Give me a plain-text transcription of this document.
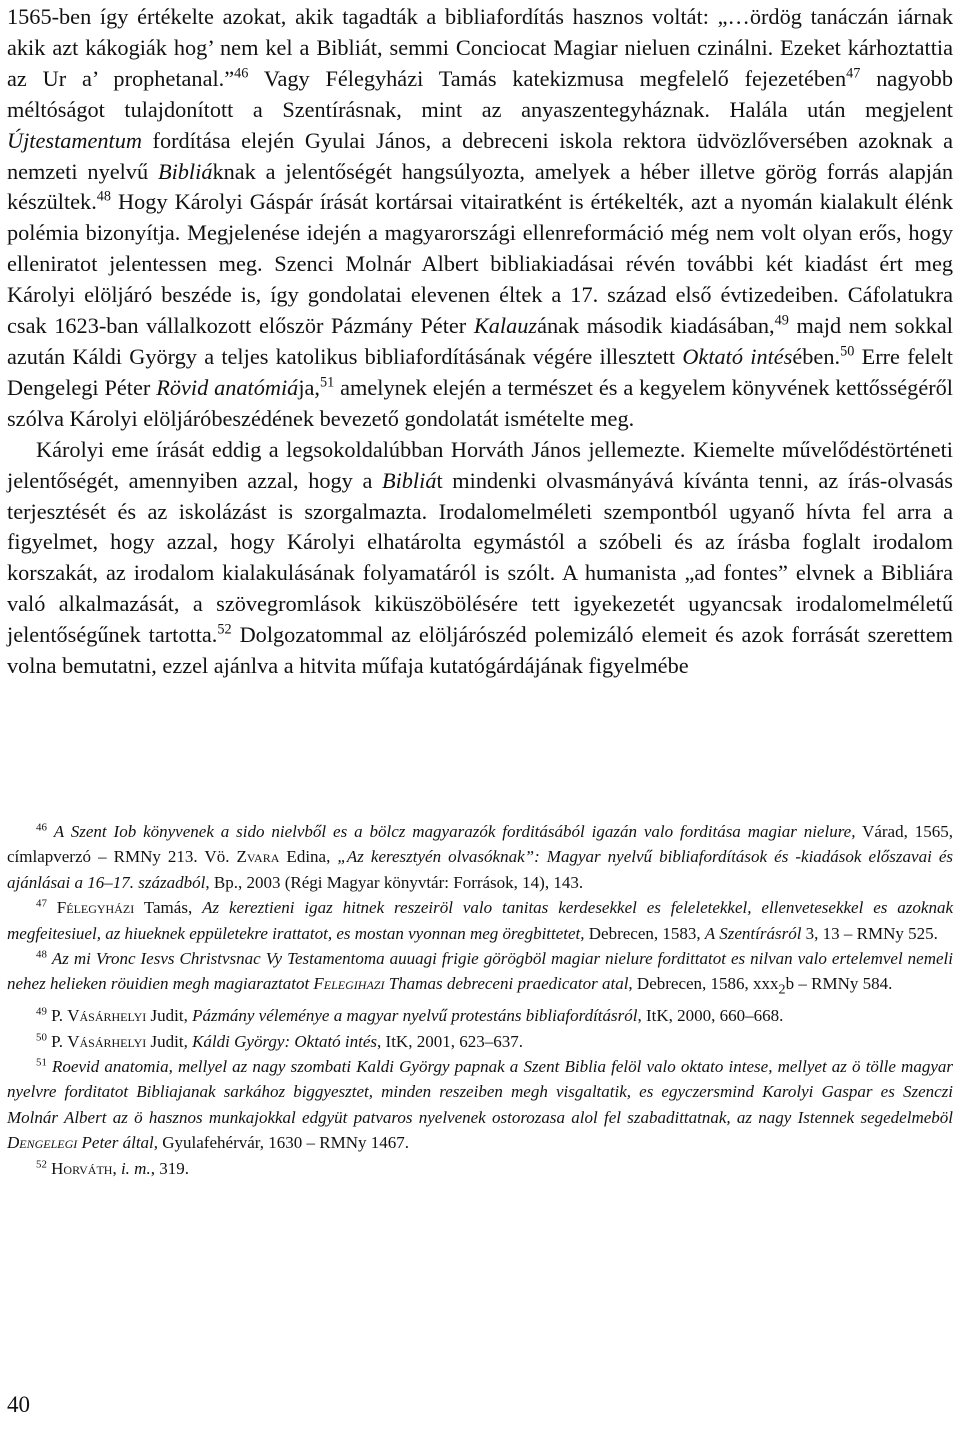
1565-ben így értékelte azokat, akik tagadták a bibliafordítás hasznos voltát: „…ördög tanáczán iárnak akik azt kákogiák hog’ nem kel a Bibliát, semmi Conciocat Magiar nieluen czinálni. Ezeket kárhoztattia az Ur a’ prophetanal.”$^{46}$ Vagy Félegyházi Tamás katekizmusa megfelelő fejezetében$^{47}$ nagyobb méltóságot tulajdonított a Szentírásnak, mint az anyaszentegyháznak. Halála után megjelent Újtestamentum fordítása elején Gyulai János, a debreceni iskola rektora üdvözlőversében azoknak a nemzeti nyelvű Bibliáknak a jelentőségét hangsúlyozta, amelyek a héber illetve görög forrás alapján készültek.$^{48}$ Hogy Károlyi Gáspár írását kortársai vitairatként is értékelték, azt a nyomán kialakult élénk polémia bizonyítja. Megjelenése idején a magyarországi ellenreformáció még nem volt olyan erős, hogy elleniratot jelentessen meg. Szenci Molnár Albert bibliakiadásai révén további két kiadást ért meg Károlyi elöljáró beszéde is, így gondolatai elevenen éltek a 17. század első évtizedeiben. Cáfolatukra csak 1623-ban vállalkozott először Pázmány Péter Kalauzának második kiadásában,$^{49}$ majd nem sokkal azután Káldi György a teljes katolikus bibliafordításának végére illesztett Oktató intésében.$^{50}$ Erre felelt Dengelegi Péter Rövid anatómiája,$^{51}$ amelynek elején a természet és a kegyelem könyvének kettősségéről szólva Károlyi elöljáróbeszédének bevezető gondolatát ismételte meg.

Károlyi eme írását eddig a legsokoldalúbban Horváth János jellemezte. Kiemelte művelődéstörténeti jelentőségét, amennyiben azzal, hogy a Bibliát mindenki olvasmányává kívánta tenni, az írás-olvasás terjesztését és az iskolázást is szorgalmazta. Irodalomelméleti szempontból ugyanő hívta fel arra a figyelmet, hogy azzal, hogy Károlyi elhatárolta egymástól a szóbeli és az írásba foglalt irodalom korszakát, az irodalom kialakulásának folyamatáról is szólt. A humanista „ad fontes” elvnek a Bibliára való alkalmazását, a szövegromlások kiküszöbölésére tett igyekezetét ugyancsak irodalomelméletű jelentőségűnek tartotta.$^{52}$ Dolgozatommal az elöljárószéd polemizáló elemeit és azok forrását szerettem volna bemutatni, ezzel ajánlva a hitvita műfaja kutatógárdájának figyelmébe

$^{46}$ A Szent Iob könyvenek a sido nielvből es a bölcz magyarazók forditásából igazán valo forditása magiar nielure, Várad, 1565, címlapverzó – RMNy 213. Vö. Zvara Edina, „Az keresztyén olvasóknak”: Magyar nyelvű bibliafordítások és -kiadások előszavai és ajánlásai a 16–17. századból, Bp., 2003 (Régi Magyar könyvtár: Források, 14), 143.

$^{47}$ Félegyházi Tamás, Az kereztieni igaz hitnek reszeiröl valo tanitas kerdesekkel es feleletekkel, ellenvetesekkel es azoknak megfeitesiuel, az hiueknek eppületekre irattatot, es mostan vyonnan meg öregbittetet, Debrecen, 1583, A Szentírásról 3, 13 – RMNy 525.

$^{48}$ Az mi Vronc Iesvs Christvsnac Vy Testamentoma auuagi frigie görögböl magiar nielure fordittatot es nilvan valo ertelemvel nemeli nehez helieken röuidien megh magiaraztatot Felegihazi Thamas debreceni praedicator atal, Debrecen, 1586, xxx$_2$b – RMNy 584.

$^{49}$ P. Vásárhelyi Judit, Pázmány véleménye a magyar nyelvű protestáns bibliafordításról, ItK, 2000, 660–668.

$^{50}$ P. Vásárhelyi Judit, Káldi György: Oktató intés, ItK, 2001, 623–637.

$^{51}$ Roevid anatomia, mellyel az nagy szombati Kaldi György papnak a Szent Biblia felöl valo oktato intese, mellyet az ö tölle magyar nyelvre forditatot Bibliajanak sarkához biggyesztet, minden reszeiben megh visgaltatik, es egyczersmind Karolyi Gaspar es Szenczi Molnár Albert az ö hasznos munkajokkal edgyüt patvaros nyelvenek ostorozasa alol fel szabadittatnak, az nagy Istennek segedelmeböl Dengelegi Peter által, Gyulafehérvár, 1630 – RMNy 1467.

$^{52}$ Horváth, i. m., 319.

40
